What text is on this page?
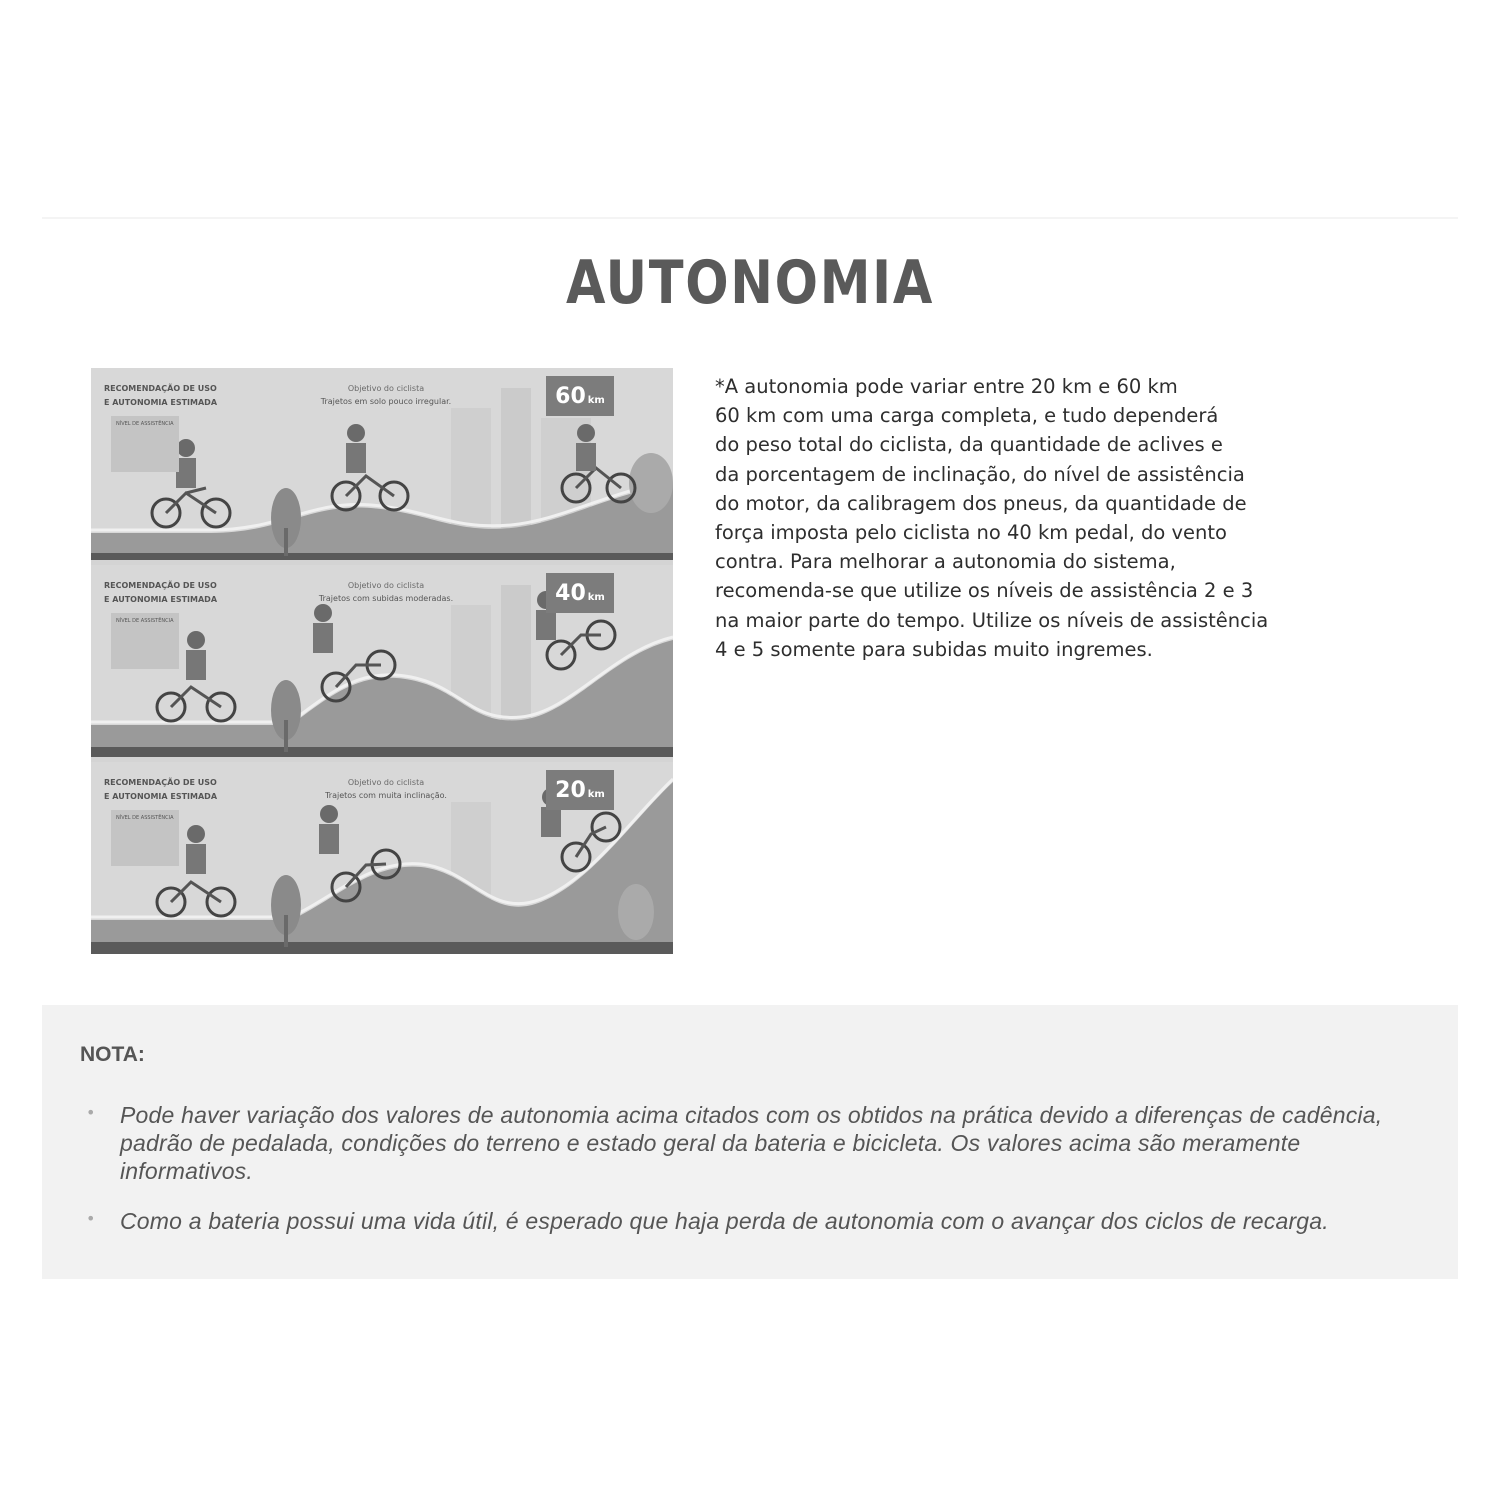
AUTONOMIA
RECOMENDAÇÃO DE USO
E AUTONOMIA ESTIMADA
Objetivo do ciclista
Trajetos em solo pouco irregular.
NÍVEL DE ASSISTÊNCIA
60 km
RECOMENDAÇÃO DE USO
E AUTONOMIA ESTIMADA
Objetivo do ciclista
Trajetos com subidas moderadas.
NÍVEL DE ASSISTÊNCIA
40 km
RECOMENDAÇÃO DE USO
E AUTONOMIA ESTIMADA
Objetivo do ciclista
Trajetos com muita inclinação.
NÍVEL DE ASSISTÊNCIA
20 km
*A autonomia pode variar entre 20 km e 60 km
60 km com uma carga completa, e tudo dependerá
do peso total do ciclista, da quantidade de aclives e
da porcentagem de inclinação, do nível de assistência
do motor, da calibragem dos pneus, da quantidade de
força imposta pelo ciclista no 40 km pedal, do vento
contra. Para melhorar a autonomia do sistema,
recomenda-se que utilize os níveis de assistência 2 e 3
na maior parte do tempo. Utilize os níveis de assistência
4 e 5 somente para subidas muito ingremes.
NOTA:
• Pode haver variação dos valores de autonomia acima citados com os obtidos na prática devido a diferenças de cadência, padrão de pedalada, condições do terreno e estado geral da bateria e bicicleta. Os valores acima são meramente informativos.
• Como a bateria possui uma vida útil, é esperado que haja perda de autonomia com o avançar dos ciclos de recarga.
